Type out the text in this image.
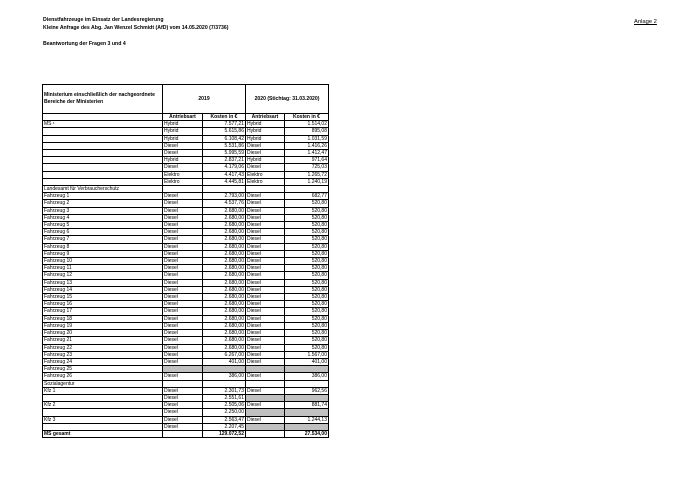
Dienstfahrzeuge im Einsatz der Landesregierung
Kleine Anfrage des Abg. Jan Wenzel Schmidt (AfD) vom 14.05.2020 (7/3736)
Beantwortung der Fragen 3 und 4
Anlage 2
Ministerium einschließlich der nachgeordnete Bereiche der Ministerien	2019		2020 (Stichtag: 31.03.2020)	
	Antriebsart	Kosten in €	Antriebsart	Kosten in €
MS ¹	Hybrid	7.577,21	Hybrid	1.514,02
	Hybrid	5.615,86	Hybrid	895,08
	Hybrid	6.108,42	Hybrid	1.031,59
	Diesel	5.531,86	Diesel	1.416,26
	Diesel	5.995,59	Diesel	1.412,47
	Hybrid	2.837,21	Hybrid	971,64
	Diesel	4.179,06	Diesel	725,03
	Elektro	4.417,43	Elektro	1.265,72
	Elektro	4.445,81	Elektro	1.240,19
Landesamt für Verbraucherschutz				
Fahrzeug 1	Diesel	2.793,00	Diesel	682,77
Fahrzeug 2	Diesel	4.537,76	Diesel	520,80
Fahrzeug 3	Diesel	2.680,00	Diesel	520,80
Fahrzeug 4	Diesel	2.680,00	Diesel	520,80
Fahrzeug 5	Diesel	2.680,00	Diesel	520,80
Fahrzeug 6	Diesel	2.680,00	Diesel	520,80
Fahrzeug 7	Diesel	2.680,00	Diesel	520,80
Fahrzeug 8	Diesel	2.680,00	Diesel	520,80
Fahrzeug 9	Diesel	2.680,00	Diesel	520,80
Fahrzeug 10	Diesel	2.680,00	Diesel	520,80
Fahrzeug 11	Diesel	2.680,00	Diesel	520,80
Fahrzeug 12	Diesel	2.680,00	Diesel	520,80
Fahrzeug 13	Diesel	2.680,00	Diesel	520,80
Fahrzeug 14	Diesel	2.680,00	Diesel	520,80
Fahrzeug 15	Diesel	2.680,00	Diesel	520,80
Fahrzeug 16	Diesel	2.680,00	Diesel	520,80
Fahrzeug 17	Diesel	2.680,00	Diesel	520,80
Fahrzeug 18	Diesel	2.680,00	Diesel	520,80
Fahrzeug 19	Diesel	2.680,00	Diesel	520,80
Fahrzeug 20	Diesel	2.680,00	Diesel	520,80
Fahrzeug 21	Diesel	2.680,00	Diesel	520,80
Fahrzeug 22	Diesel	2.680,00	Diesel	520,80
Fahrzeug 23	Diesel	6.267,00	Diesel	1.567,00
Fahrzeug 24	Diesel	401,00	Diesel	401,00
Fahrzeug 25				
Fahrzeug 26	Diesel	386,00	Diesel	386,00
Sozialagentur				
Kfz 1	Diesel	2.301,73	Diesel	962,56
	Diesel	2.551,61		
Kfz 2	Diesel	2.505,06	Diesel	881,74
	Diesel	2.250,00		
Kfz 3	Diesel	2.563,47	Diesel	1.244,13
	Diesel	2.207,45		
MS gesamt		129.072,52		27.534,00
